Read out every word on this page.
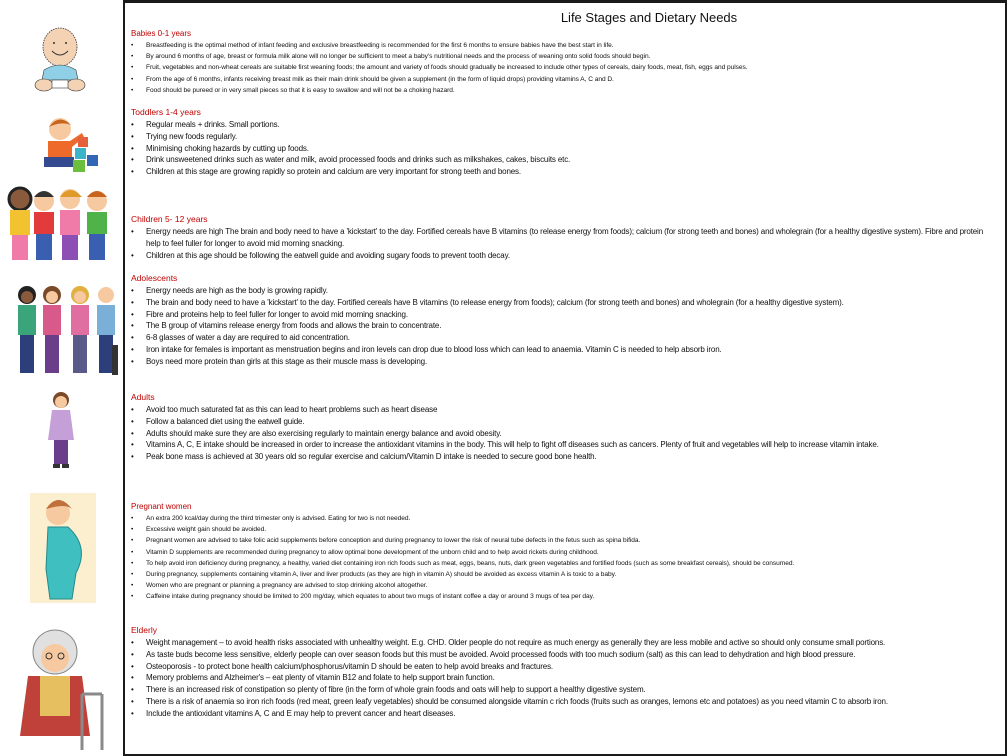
Life Stages and Dietary Needs
Babies 0-1 years
• Breastfeeding is the optimal method of infant feeding and exclusive breastfeeding is recommended for the first 6 months to ensure babies have the best start in life.
• By around 6 months of age, breast or formula milk alone will no longer be sufficient to meet a baby's nutritional needs and the process of weaning onto solid foods should begin.
• Fruit, vegetables and non-wheat cereals are suitable first weaning foods; the amount and variety of foods should gradually be increased to include other types of cereals, dairy foods, meat, fish, eggs and pulses.
• From the age of 6 months, infants receiving breast milk as their main drink should be given a supplement (in the form of liquid drops) providing vitamins A, C and D.
• Food should be pureed or in very small pieces so that it is easy to swallow and will not be a choking hazard.
Toddlers 1-4 years
• Regular meals + drinks. Small portions.
• Trying new foods regularly.
• Minimising choking hazards by cutting up foods.
• Drink unsweetened drinks such as water and milk, avoid processed foods and drinks such as milkshakes, cakes, biscuits etc.
• Children at this stage are growing rapidly so protein and calcium are very important for strong teeth and bones.
Children 5- 12 years
• Energy needs are high The brain and body need to have a 'kickstart' to the day. Fortified cereals have B vitamins (to release energy from foods); calcium (for strong teeth and bones) and wholegrain (for a healthy digestive system). Fibre and protein help to feel fuller for longer to avoid mid morning snacking.
• Children at this age should be following the eatwell guide and avoiding sugary foods to prevent tooth decay.
Adolescents
• Energy needs are high as the body is growing rapidly.
• The brain and body need to have a 'kickstart' to the day. Fortified cereals have B vitamins (to release energy from foods); calcium (for strong teeth and bones) and wholegrain (for a healthy digestive system).
• Fibre and proteins help to feel fuller for longer to avoid mid morning snacking.
• The B group of vitamins release energy from foods and allows the brain to concentrate.
• 6-8 glasses of water a day are required to aid concentration.
• Iron intake for females is important as menstruation begins and iron levels can drop due to blood loss which can lead to anaemia. Vitamin C is needed to help absorb iron.
• Boys need more protein than girls at this stage as their muscle mass is developing.
Adults
• Avoid too much saturated fat as this can lead to heart problems such as heart disease
• Follow a balanced diet using the eatwell guide.
• Adults should make sure they are also exercising regularly to maintain energy balance and avoid obesity.
• Vitamins A, C, E intake should be increased in order to increase the antioxidant vitamins in the body. This will help to fight off diseases such as cancers. Plenty of fruit and vegetables will help to increase vitamin intake.
• Peak bone mass is achieved at 30 years old so regular exercise and calcium/Vitamin D intake is needed to secure good bone health.
Pregnant women
• An extra 200 kcal/day during the third trimester only is advised. Eating for two is not needed.
• Excessive weight gain should be avoided.
• Pregnant women are advised to take folic acid supplements before conception and during pregnancy to lower the risk of neural tube defects in the fetus such as spina bifida.
• Vitamin D supplements are recommended during pregnancy to allow optimal bone development of the unborn child and to help avoid rickets during childhood.
• To help avoid iron deficiency during pregnancy, a healthy, varied diet containing iron rich foods such as meat, eggs, beans, nuts, dark green vegetables and fortified foods (such as some breakfast cereals), should be consumed.
• During pregnancy, supplements containing vitamin A, liver and liver products (as they are high in vitamin A) should be avoided as excess vitamin A is toxic to a baby.
• Women who are pregnant or planning a pregnancy are advised to stop drinking alcohol altogether.
• Caffeine intake during pregnancy should be limited to 200 mg/day, which equates to about two mugs of instant coffee a day or around 3 mugs of tea per day.
Elderly
• Weight management – to avoid health risks associated with unhealthy weight. E.g. CHD. Older people do not require as much energy as generally they are less mobile and active so should only consume small portions.
• As taste buds become less sensitive, elderly people can over season foods but this must be avoided. Avoid processed foods with too much sodium (salt) as this can lead to dehydration and high blood pressure.
• Osteoporosis - to protect bone health calcium/phosphorus/vitamin D should be eaten to help avoid breaks and fractures.
• Memory problems and Alzheimer's – eat plenty of vitamin B12 and folate to help support brain function.
• There is an increased risk of constipation so plenty of fibre (in the form of whole grain foods and oats will help to support a healthy digestive system.
• There is a risk of anaemia so iron rich foods (red meat, green leafy vegetables) should be consumed alongside vitamin c rich foods (fruits such as oranges, lemons etc and potatoes) as you need vitamin C to absorb iron.
• Include the antioxidant vitamins A, C and E may help to prevent cancer and heart diseases.
